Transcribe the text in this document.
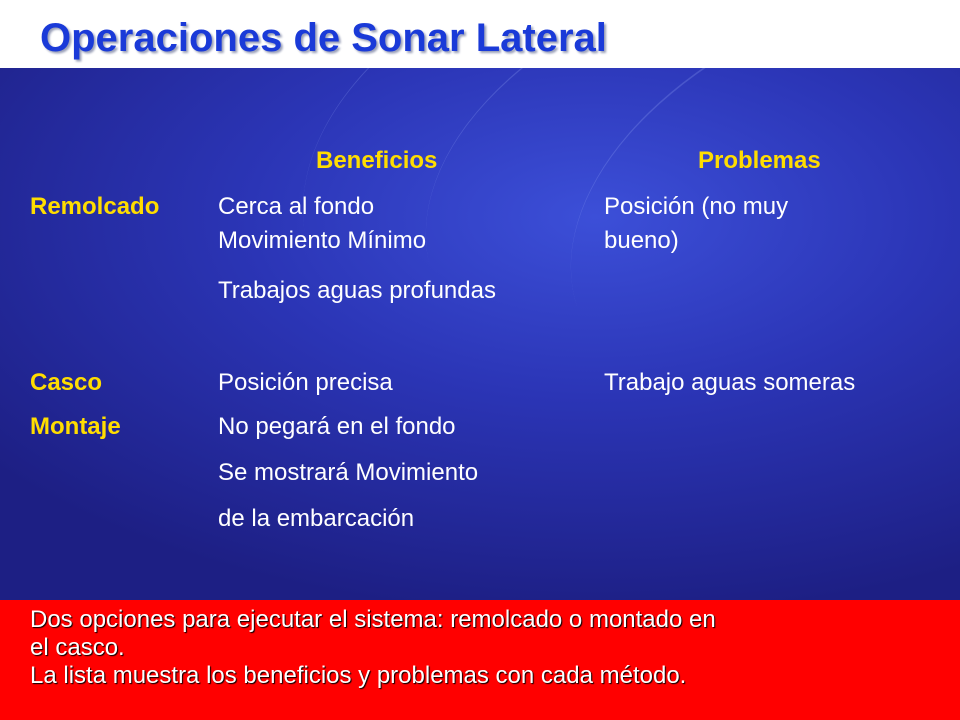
Operaciones de Sonar Lateral
Beneficios	Problemas
Remolcado Cerca al fondo
Movimiento Mínimo
Trabajos aguas profundas
Posición (no muy
bueno)
Casco
Montaje
Posición precisa
No pegará en el fondo
Se mostrará Movimiento
de la embarcación
Trabajo aguas someras
Dos opciones para ejecutar el sistema: remolcado o montado en
el casco.
La lista muestra los beneficios y problemas con cada método.
